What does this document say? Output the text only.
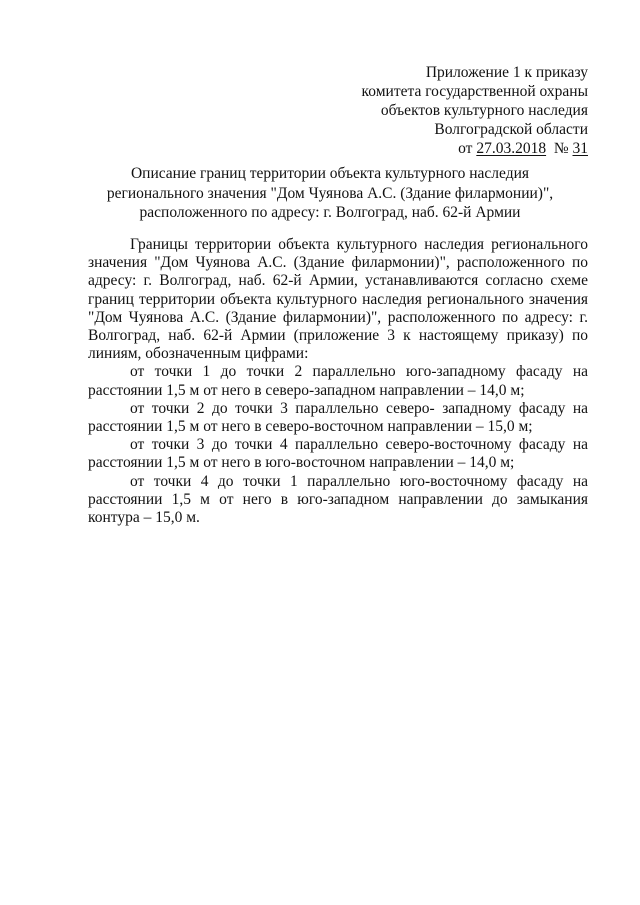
Приложение 1 к приказу
комитета государственной охраны
объектов культурного наследия
Волгоградской области
от 27.03.2018 № 31
Описание границ территории объекта культурного наследия
регионального значения "Дом Чуянова А.С. (Здание филармонии)",
расположенного по адресу: г. Волгоград, наб. 62-й Армии

Границы территории объекта культурного наследия регионального значения "Дом Чуянова А.С. (Здание филармонии)", расположенного по адресу: г. Волгоград, наб. 62-й Армии, устанавливаются согласно схеме границ территории объекта культурного наследия регионального значения "Дом Чуянова А.С. (Здание филармонии)", расположенного по адресу: г. Волгоград, наб. 62-й Армии (приложение 3 к настоящему приказу) по линиям, обозначенным цифрами:

от точки 1 до точки 2 параллельно юго-западному фасаду на расстоянии 1,5 м от него в северо-западном направлении – 14,0 м;

от точки 2 до точки 3 параллельно северо- западному фасаду на расстоянии 1,5 м от него в северо-восточном направлении – 15,0 м;

от точки 3 до точки 4 параллельно северо-восточному фасаду на расстоянии 1,5 м от него в юго-восточном направлении – 14,0 м;

от точки 4 до точки 1 параллельно юго-восточному фасаду на расстоянии 1,5 м от него в юго-западном направлении до замыкания контура – 15,0 м.
